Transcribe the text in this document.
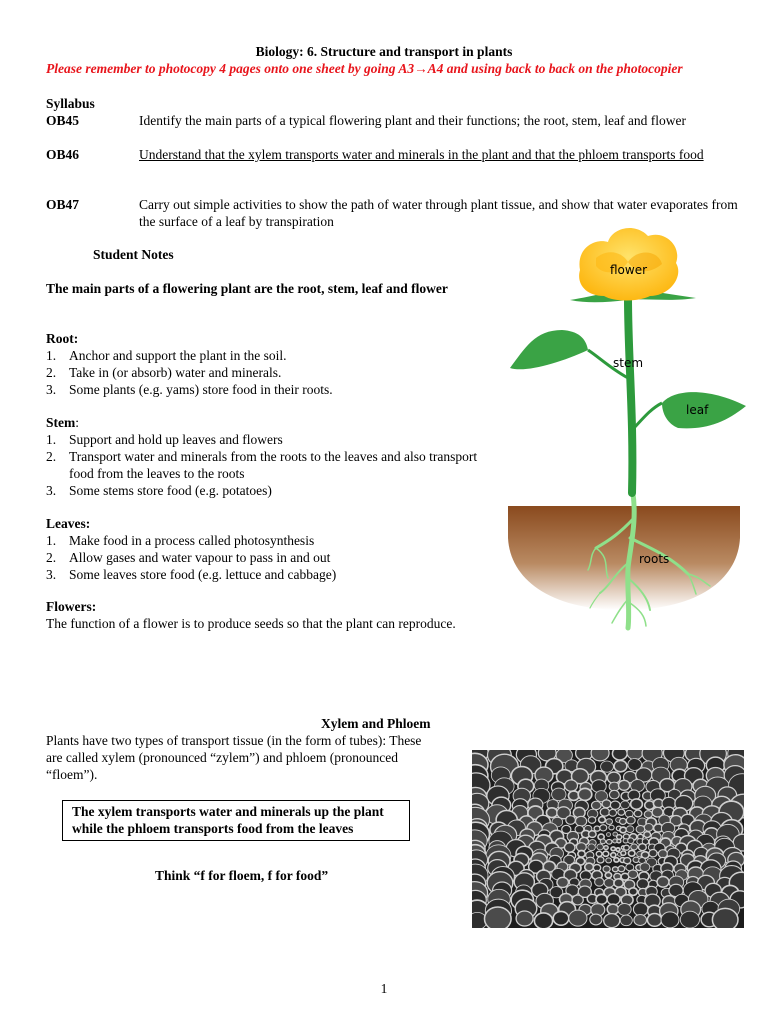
Biology: 6. Structure and transport in plants
Please remember to photocopy 4 pages onto one sheet by going A3→A4 and using back to back on the photocopier
Syllabus
OB45	Identify the main parts of a typical flowering plant and their functions; the root, stem, leaf and flower
OB46	Understand that the xylem transports water and minerals in the plant and that the phloem transports food
OB47	Carry out simple activities to show the path of water through plant tissue, and show that water evaporates from the surface of a leaf by transpiration
Student Notes
The main parts of a flowering plant are the root, stem, leaf and flower
Root:
1. Anchor and support the plant in the soil.
2. Take in (or absorb) water and minerals.
3. Some plants (e.g. yams) store food in their roots.
Stem:
1. Support and hold up leaves and flowers
2. Transport water and minerals from the roots to the leaves and also transport food from the leaves to the roots
3. Some stems store food (e.g. potatoes)
Leaves:
1. Make food in a process called photosynthesis
2. Allow gases and water vapour to pass in and out
3. Some leaves store food (e.g. lettuce and cabbage)
Flowers:
The function of a flower is to produce seeds so that the plant can reproduce.
flower
stem
leaf
roots
Xylem and Phloem
Plants have two types of transport tissue (in the form of tubes): These are called xylem (pronounced “zylem”) and phloem (pronounced “floem”).
The xylem transports water and minerals up the plant while the phloem transports food from the leaves
Think “f for floem, f for food”
1
